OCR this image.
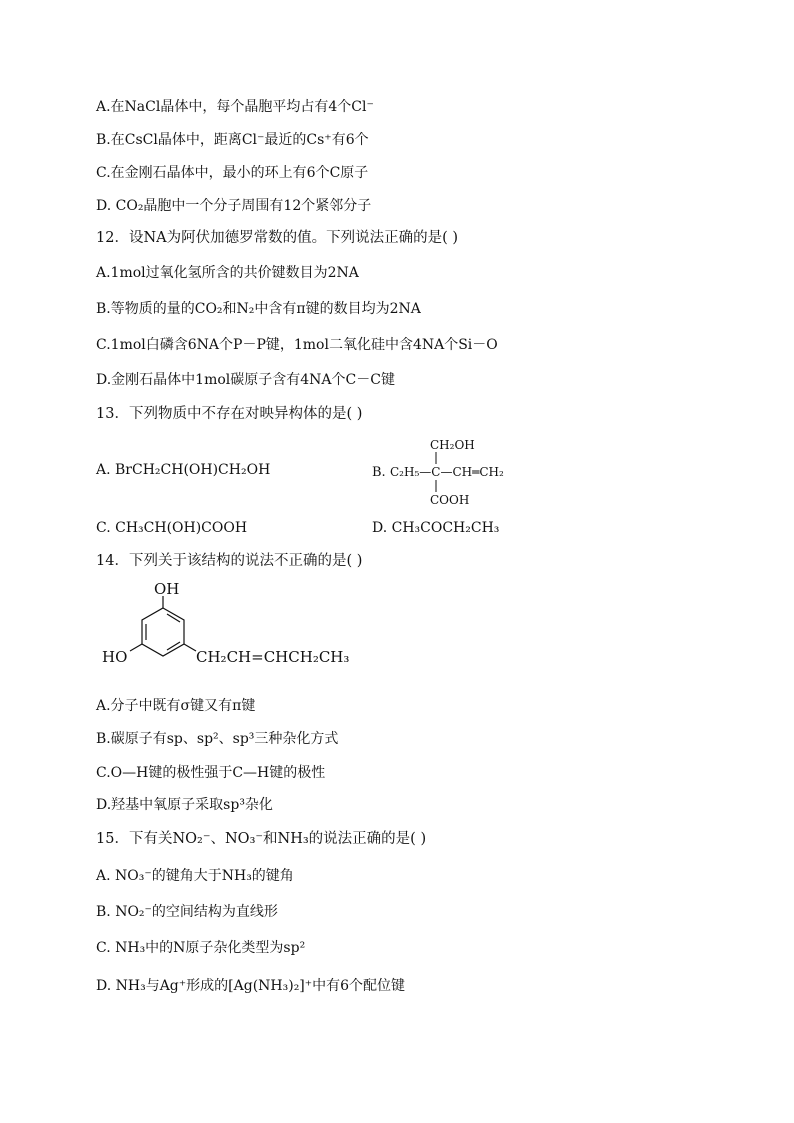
A.在NaCl晶体中，每个晶胞平均占有4个Cl⁻
B.在CsCl晶体中，距离Cl⁻最近的Cs⁺有6个
C.在金刚石晶体中，最小的环上有6个C原子
D. CO₂晶胞中一个分子周围有12个紧邻分子
12．设NA为阿伏加德罗常数的值。下列说法正确的是( )
A.1mol过氧化氢所含的共价键数目为2NA
B.等物质的量的CO₂和N₂中含有π键的数目均为2NA
C.1mol白磷含6NA个P－P键，1mol二氧化硅中含4NA个Si－O
D.金刚石晶体中1mol碳原子含有4NA个C－C键
13．下列物质中不存在对映异构体的是( )
A. BrCH₂CH(OH)CH₂OH	B.
CH₂OH
C₂H₅—C—CH═CH₂
COOH
C. CH₃CH(OH)COOH	D. CH₃COCH₂CH₃
14．下列关于该结构的说法不正确的是( )
OH
HO	CH₂CH=CHCH₂CH₃
A.分子中既有σ键又有π键
B.碳原子有sp、sp²、sp³三种杂化方式
C.O—H键的极性强于C—H键的极性
D.羟基中氧原子采取sp³杂化
15．下有关NO₂⁻、NO₃⁻和NH₃的说法正确的是( )
A. NO₃⁻的键角大于NH₃的键角
B. NO₂⁻的空间结构为直线形
C. NH₃中的N原子杂化类型为sp²
D. NH₃与Ag⁺形成的[Ag(NH₃)₂]⁺中有6个配位键
